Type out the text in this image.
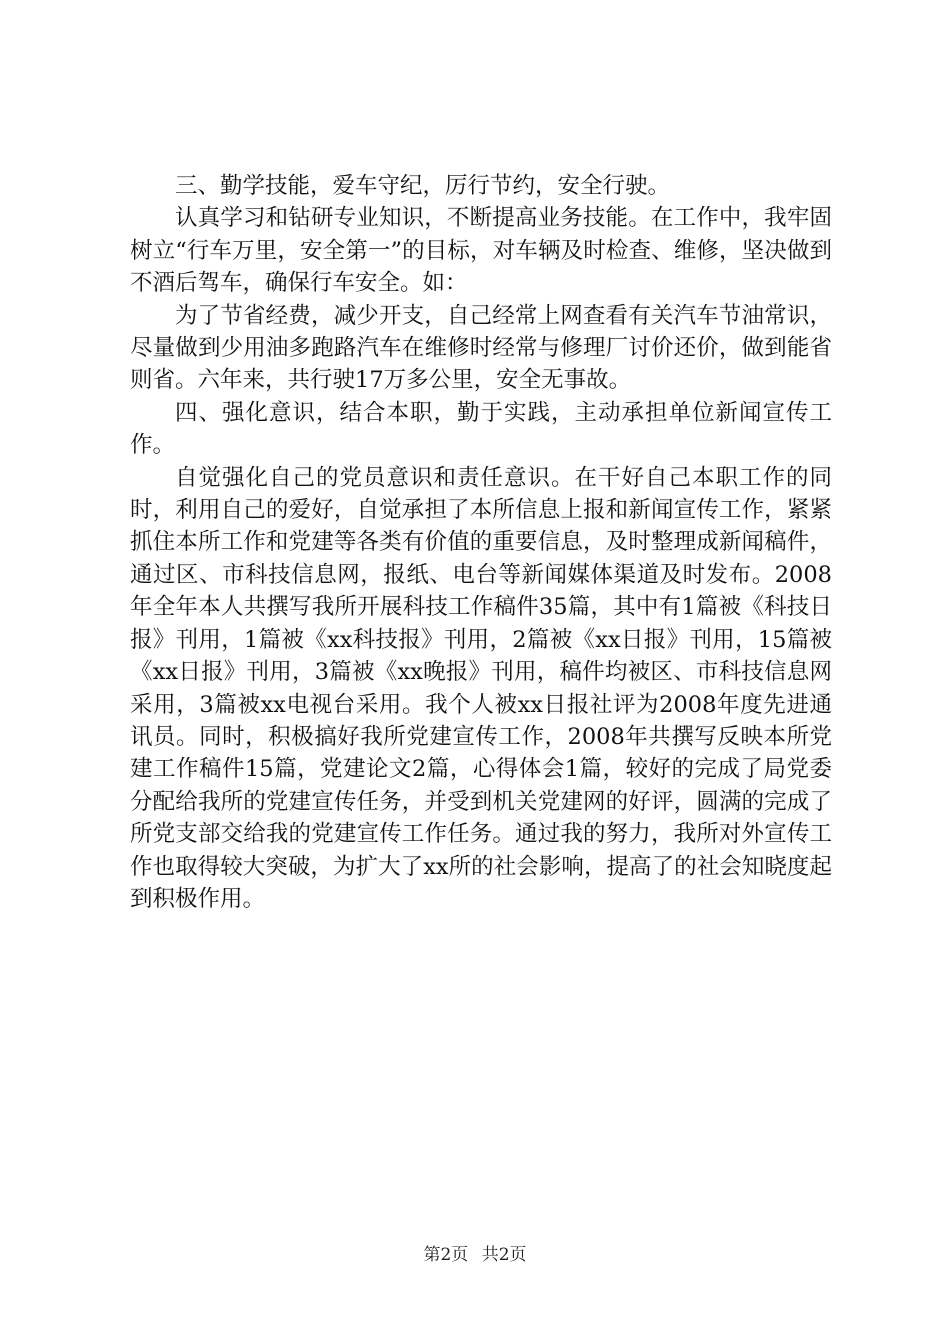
三、勤学技能，爱车守纪，厉行节约，安全行驶。

认真学习和钻研专业知识，不断提高业务技能。在工作中，我牢固树立“行车万里，安全第一”的目标，对车辆及时检查、维修，坚决做到不酒后驾车，确保行车安全。如：

为了节省经费，减少开支，自己经常上网查看有关汽车节油常识，尽量做到少用油多跑路汽车在维修时经常与修理厂讨价还价，做到能省则省。六年来，共行驶17万多公里，安全无事故。

四、强化意识，结合本职，勤于实践，主动承担单位新闻宣传工作。

自觉强化自己的党员意识和责任意识。在干好自己本职工作的同时，利用自己的爱好，自觉承担了本所信息上报和新闻宣传工作，紧紧抓住本所工作和党建等各类有价值的重要信息，及时整理成新闻稿件，通过区、市科技信息网，报纸、电台等新闻媒体渠道及时发布。2008年全年本人共撰写我所开展科技工作稿件35篇，其中有1篇被《科技日报》刊用，1篇被《xx科技报》刊用，2篇被《xx日报》刊用，15篇被《xx日报》刊用，3篇被《xx晚报》刊用，稿件均被区、市科技信息网采用，3篇被xx电视台采用。我个人被xx日报社评为2008年度先进通讯员。同时，积极搞好我所党建宣传工作，2008年共撰写反映本所党建工作稿件15篇，党建论文2篇，心得体会1篇，较好的完成了局党委分配给我所的党建宣传任务，并受到机关党建网的好评，圆满的完成了所党支部交给我的党建宣传工作任务。通过我的努力，我所对外宣传工作也取得较大突破，为扩大了xx所的社会影响，提高了的社会知晓度起到积极作用。

第2页 共2页
